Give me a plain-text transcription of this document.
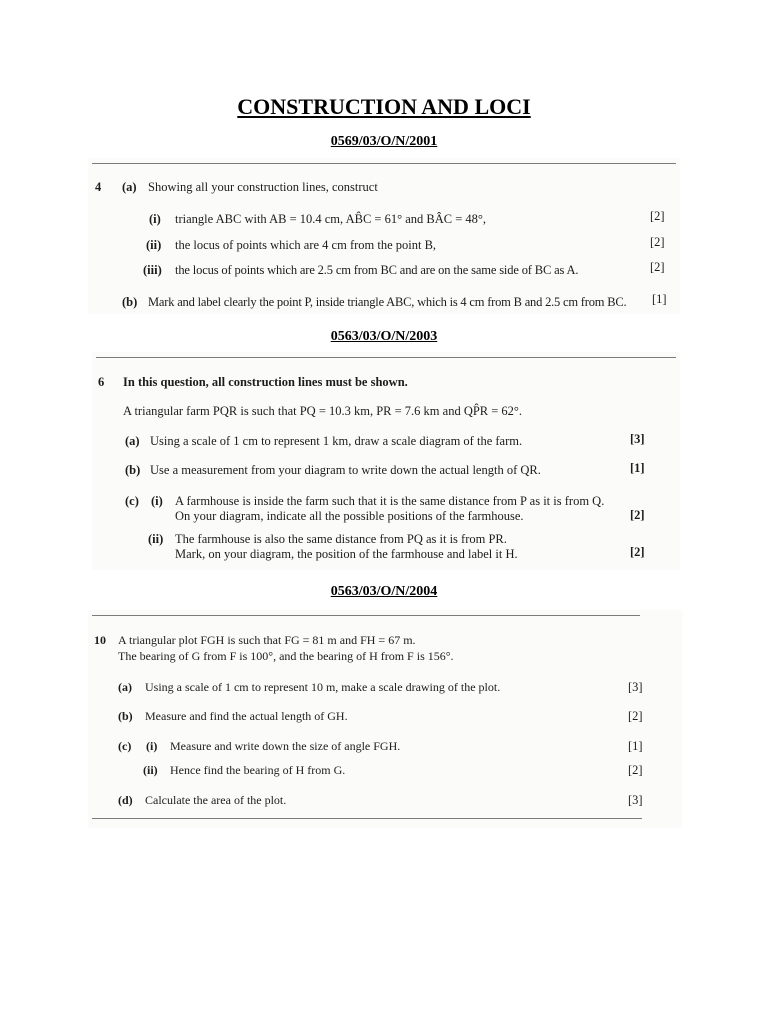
CONSTRUCTION AND LOCI
0569/03/O/N/2001
4 (a) Showing all your construction lines, construct
(i) triangle ABC with AB = 10.4 cm, AB̂C = 61° and BÂC = 48°,	[2]
(ii) the locus of points which are 4 cm from the point B,	[2]
(iii) the locus of points which are 2.5 cm from BC and are on the same side of BC as A.	[2]
(b) Mark and label clearly the point P, inside triangle ABC, which is 4 cm from B and 2.5 cm from BC. [1]
0563/03/O/N/2003
6 In this question, all construction lines must be shown.
A triangular farm PQR is such that PQ = 10.3 km, PR = 7.6 km and QP̂R = 62°.
(a) Using a scale of 1 cm to represent 1 km, draw a scale diagram of the farm.	[3]
(b) Use a measurement from your diagram to write down the actual length of QR.	[1]
(c) (i) A farmhouse is inside the farm such that it is the same distance from P as it is from Q.
On your diagram, indicate all the possible positions of the farmhouse.	[2]
(ii) The farmhouse is also the same distance from PQ as it is from PR.
Mark, on your diagram, the position of the farmhouse and label it H.	[2]
0563/03/O/N/2004
10 A triangular plot FGH is such that FG = 81 m and FH = 67 m.
The bearing of G from F is 100°, and the bearing of H from F is 156°.
(a) Using a scale of 1 cm to represent 10 m, make a scale drawing of the plot.	[3]
(b) Measure and find the actual length of GH.	[2]
(c) (i) Measure and write down the size of angle FGH.	[1]
(ii) Hence find the bearing of H from G.	[2]
(d) Calculate the area of the plot.	[3]
